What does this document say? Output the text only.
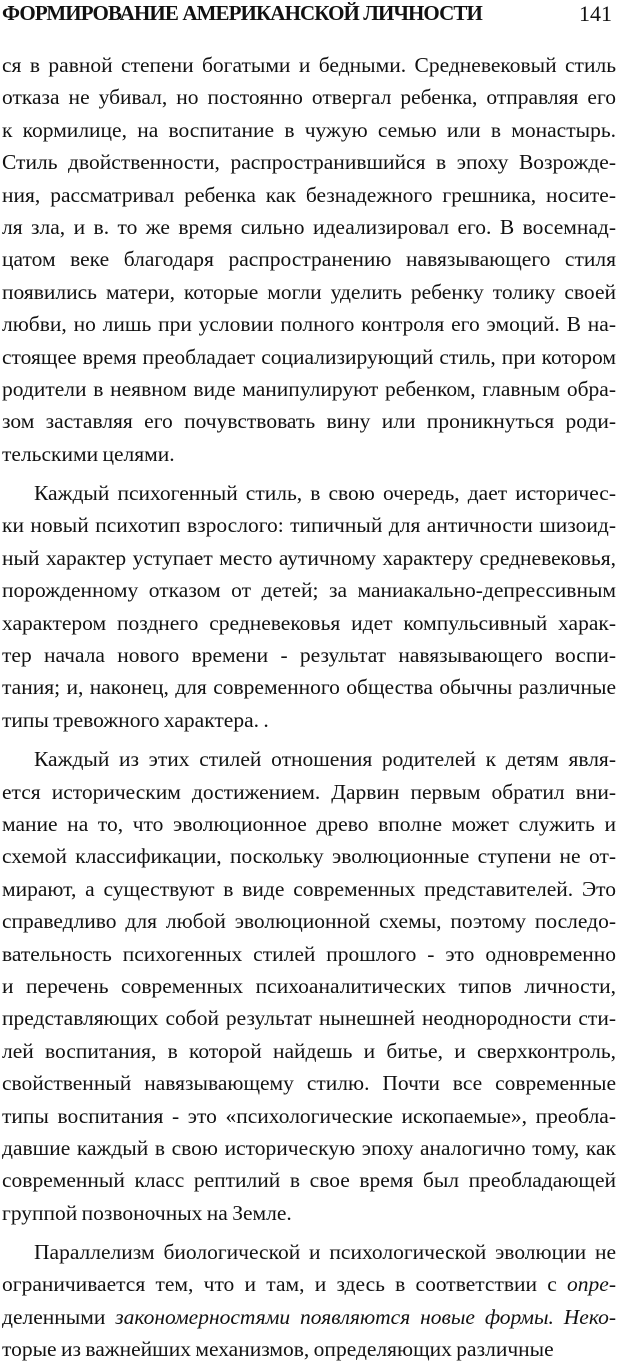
ФОРМИРОВАНИЕ АМЕРИКАНСКОЙ ЛИЧНОСТИ	141
ся в равной степени богатыми и бедными. Средневековый стиль
отказа не убивал, но постоянно отвергал ребенка, отправляя его
к кормилице, на воспитание в чужую семью или в монастырь.
Стиль двойственности, распространившийся в эпоху Возрожде-
ния, рассматривал ребенка как безнадежного грешника, носите-
ля зла, и в. то же время сильно идеализировал его. В восемнад-
цатом веке благодаря распространению навязывающего стиля
появились матери, которые могли уделить ребенку толику своей
любви, но лишь при условии полного контроля его эмоций. В на-
стоящее время преобладает социализирующий стиль, при котором
родители в неявном виде манипулируют ребенком, главным обра-
зом заставляя его почувствовать вину или проникнуться роди-
тельскими целями.
Каждый психогенный стиль, в свою очередь, дает историчес-
ки новый психотип взрослого: типичный для античности шизоид-
ный характер уступает место аутичному характеру средневековья,
порожденному отказом от детей; за маниакально-депрессивным
характером позднего средневековья идет компульсивный харак-
тер начала нового времени - результат навязывающего воспи-
тания; и, наконец, для современного общества обычны различные
типы тревожного характера. .
Каждый из этих стилей отношения родителей к детям явля-
ется историческим достижением. Дарвин первым обратил вни-
мание на то, что эволюционное древо вполне может служить и
схемой классификации, поскольку эволюционные ступени не от-
мирают, а существуют в виде современных представителей. Это
справедливо для любой эволюционной схемы, поэтому последо-
вательность психогенных стилей прошлого - это одновременно
и перечень современных психоаналитических типов личности,
представляющих собой результат нынешней неоднородности сти-
лей воспитания, в которой найдешь и битье, и сверхконтроль,
свойственный навязывающему стилю. Почти все современные
типы воспитания - это «психологические ископаемые», преобла-
давшие каждый в свою историческую эпоху аналогично тому, как
современный класс рептилий в свое время был преобладающей
группой позвоночных на Земле.
Параллелизм биологической и психологической эволюции не
ограничивается тем, что и там, и здесь в соответствии с опре-
деленными закономерностями появляются новые формы. Неко-
торые из важнейших механизмов, определяющих различные
